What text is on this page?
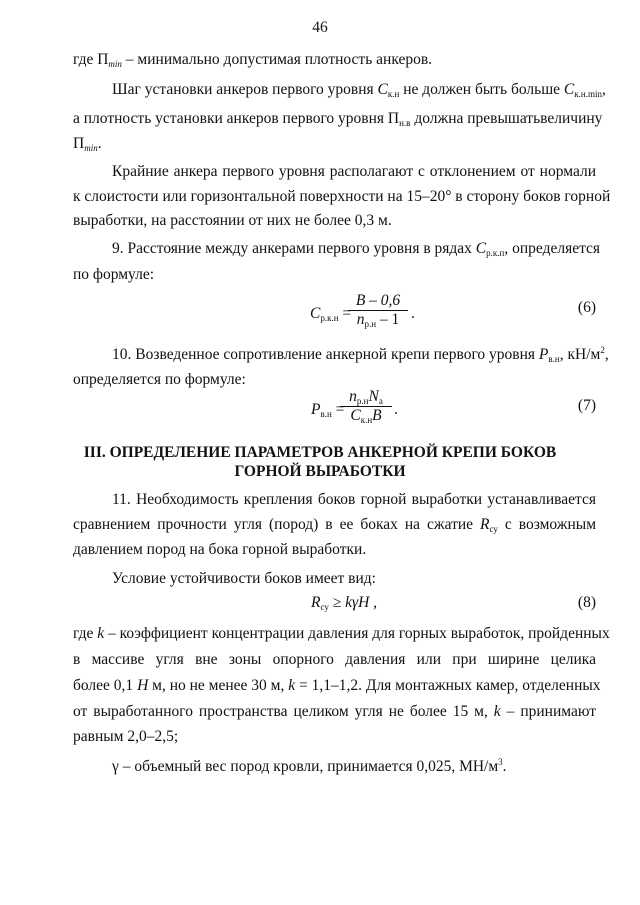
46
где $П_{min}$ – минимально допустимая плотность анкеров.
Шаг установки анкеров первого уровня $С_{к.н}$ не должен быть больше $С_{к.н.min}$,
а плотность установки анкеров первого уровня $П_{н.в}$ должна превышатьвеличину
$П_{min}$.
Крайние анкера первого уровня располагают с отклонением от нормали
к слоистости или горизонтальной поверхности на 15–20° в сторону боков горной
выработки, на расстоянии от них не более 0,3 м.
9. Расстояние между анкерами первого уровня в рядах $С_{р.к.п}$, определяется
по формуле:
$С_{р.к.н}$ =
В – 0,6
$n_{р.н} - 1$ .	(6)
10. Возведенное сопротивление анкерной крепи первого уровня $Р_{в.н}$, $кН/м^2$,
определяется по формуле:
$Р_{в.н}$ =
$n_{р.н}N_а$
$С_{к.н}В$ .	(7)
III. ОПРЕДЕЛЕНИЕ ПАРАМЕТРОВ АНКЕРНОЙ КРЕПИ БОКОВ
ГОРНОЙ ВЫРАБОТКИ
11. Необходимость крепления боков горной выработки устанавливается
сравнением прочности угля (пород) в ее боках на сжатие $R_{су}$ с возможным
давлением пород на бока горной выработки.
Условие устойчивости боков имеет вид:
$R_{су} \ge k\gamma H$ ,	(8)
где k – коэффициент концентрации давления для горных выработок, пройденных
в массиве угля вне зоны опорного давления или при ширине целика
более 0,1 Н м, но не менее 30 м, k = 1,1–1,2. Для монтажных камер, отделенных
от выработанного пространства целиком угля не более 15 м, k – принимают
равным 2,0–2,5;
γ – объемный вес пород кровли, принимается 0,025, $МН/м^3$.
